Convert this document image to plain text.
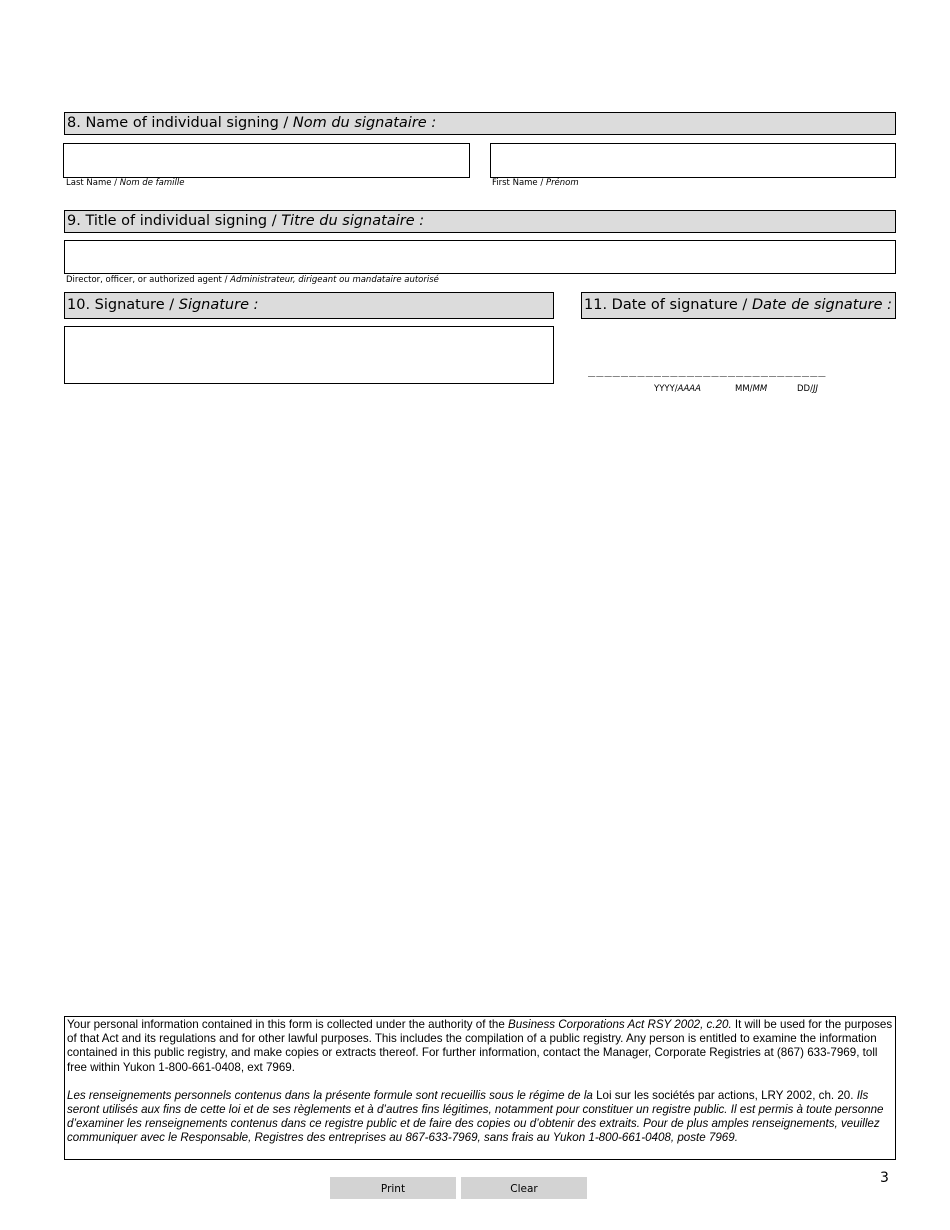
8. Name of individual signing / Nom du signataire :
Last Name / Nom de famille	First Name / Prénom
9. Title of individual signing / Titre du signataire :
Director, officer, or authorized agent / Administrateur, dirigeant ou mandataire autorisé
10. Signature / Signature :	11. Date of signature / Date de signature :
_____________________________
YYYY/AAAA	MM/MM	DD/JJ

Your personal information contained in this form is collected under the authority of the Business Corporations Act RSY 2002, c.20. It will be used for the purposes of that Act and its regulations and for other lawful purposes. This includes the compilation of a public registry. Any person is entitled to examine the information contained in this public registry, and make copies or extracts thereof. For further information, contact the Manager, Corporate Registries at (867) 633-7969, toll free within Yukon 1-800-661-0408, ext 7969.

Les renseignements personnels contenus dans la présente formule sont recueillis sous le régime de la Loi sur les sociétés par actions, LRY 2002, ch. 20. Ils seront utilisés aux fins de cette loi et de ses règlements et à d’autres fins légitimes, notamment pour constituer un registre public. Il est permis à toute personne d’examiner les renseignements contenus dans ce registre public et de faire des copies ou d’obtenir des extraits. Pour de plus amples renseignements, veuillez communiquer avec le Responsable, Registres des entreprises au 867-633-7969, sans frais au Yukon 1-800-661-0408, poste 7969.

Print	Clear
3
